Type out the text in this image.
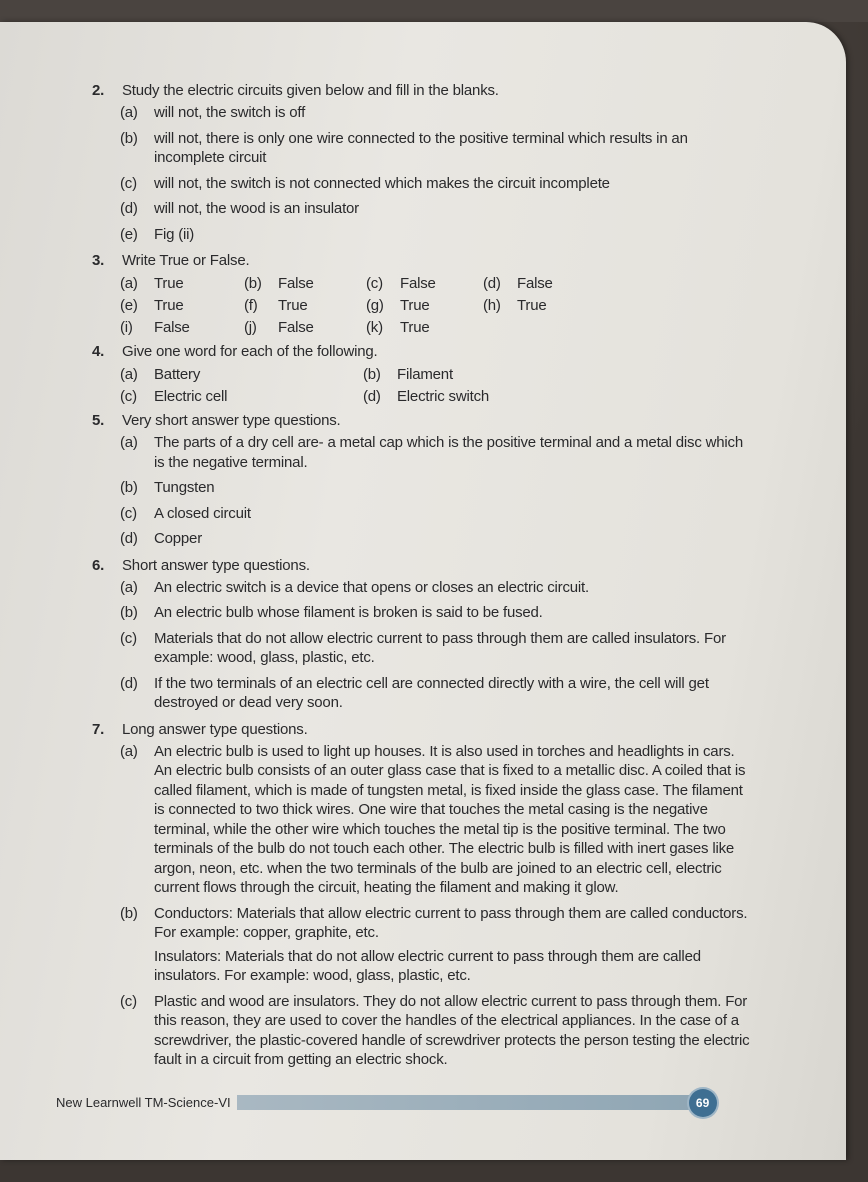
2.	Study the electric circuits given below and fill in the blanks.
(a)	will not, the switch is off

(b)	will not, there is only one wire connected to the positive terminal which results in an incomplete circuit

(c)	will not, the switch is not connected which makes the circuit incomplete

(d)	will not, the wood is an insulator

(e)	Fig (ii)

3.	Write True or False.
(a)	True	(b)	False	(c)	False	(d)	False
(e)	True	(f)	True	(g)	True	(h)	True
(i)	False	(j)	False	(k)	True
4.	Give one word for each of the following.
(a)	Battery	(b)	Filament
(c)	Electric cell	(d)	Electric switch
5.	Very short answer type questions.
(a)	The parts of a dry cell are- a metal cap which is the positive terminal and a metal disc which is the negative terminal.

(b)	Tungsten

(c)	A closed circuit

(d)	Copper

6.	Short answer type questions.
(a)	An electric switch is a device that opens or closes an electric circuit.

(b)	An electric bulb whose filament is broken is said to be fused.

(c)	Materials that do not allow electric current to pass through them are called insulators. For example: wood, glass, plastic, etc.

(d)	If the two terminals of an electric cell are connected directly with a wire, the cell will get destroyed or dead very soon.

7.	Long answer type questions.
(a)	An electric bulb is used to light up houses. It is also used in torches and headlights in cars. An electric bulb consists of an outer glass case that is fixed to a metallic disc. A coiled that is called filament, which is made of tungsten metal, is fixed inside the glass case. The filament is connected to two thick wires. One wire that touches the metal casing is the negative terminal, while the other wire which touches the metal tip is the positive terminal. The two terminals of the bulb do not touch each other. The electric bulb is filled with inert gases like argon, neon, etc. when the two terminals of the bulb are joined to an electric cell, electric current flows through the circuit, heating the filament and making it glow.

(b)	Conductors: Materials that allow electric current to pass through them are called conductors. For example: copper, graphite, etc.

Insulators: Materials that do not allow electric current to pass through them are called insulators. For example: wood, glass, plastic, etc.

(c)	Plastic and wood are insulators. They do not allow electric current to pass through them. For this reason, they are used to cover the handles of the electrical appliances. In the case of a screwdriver, the plastic-covered handle of screwdriver protects the person testing the electric fault in a circuit from getting an electric shock.

New Learnwell TM-Science-VI	69
